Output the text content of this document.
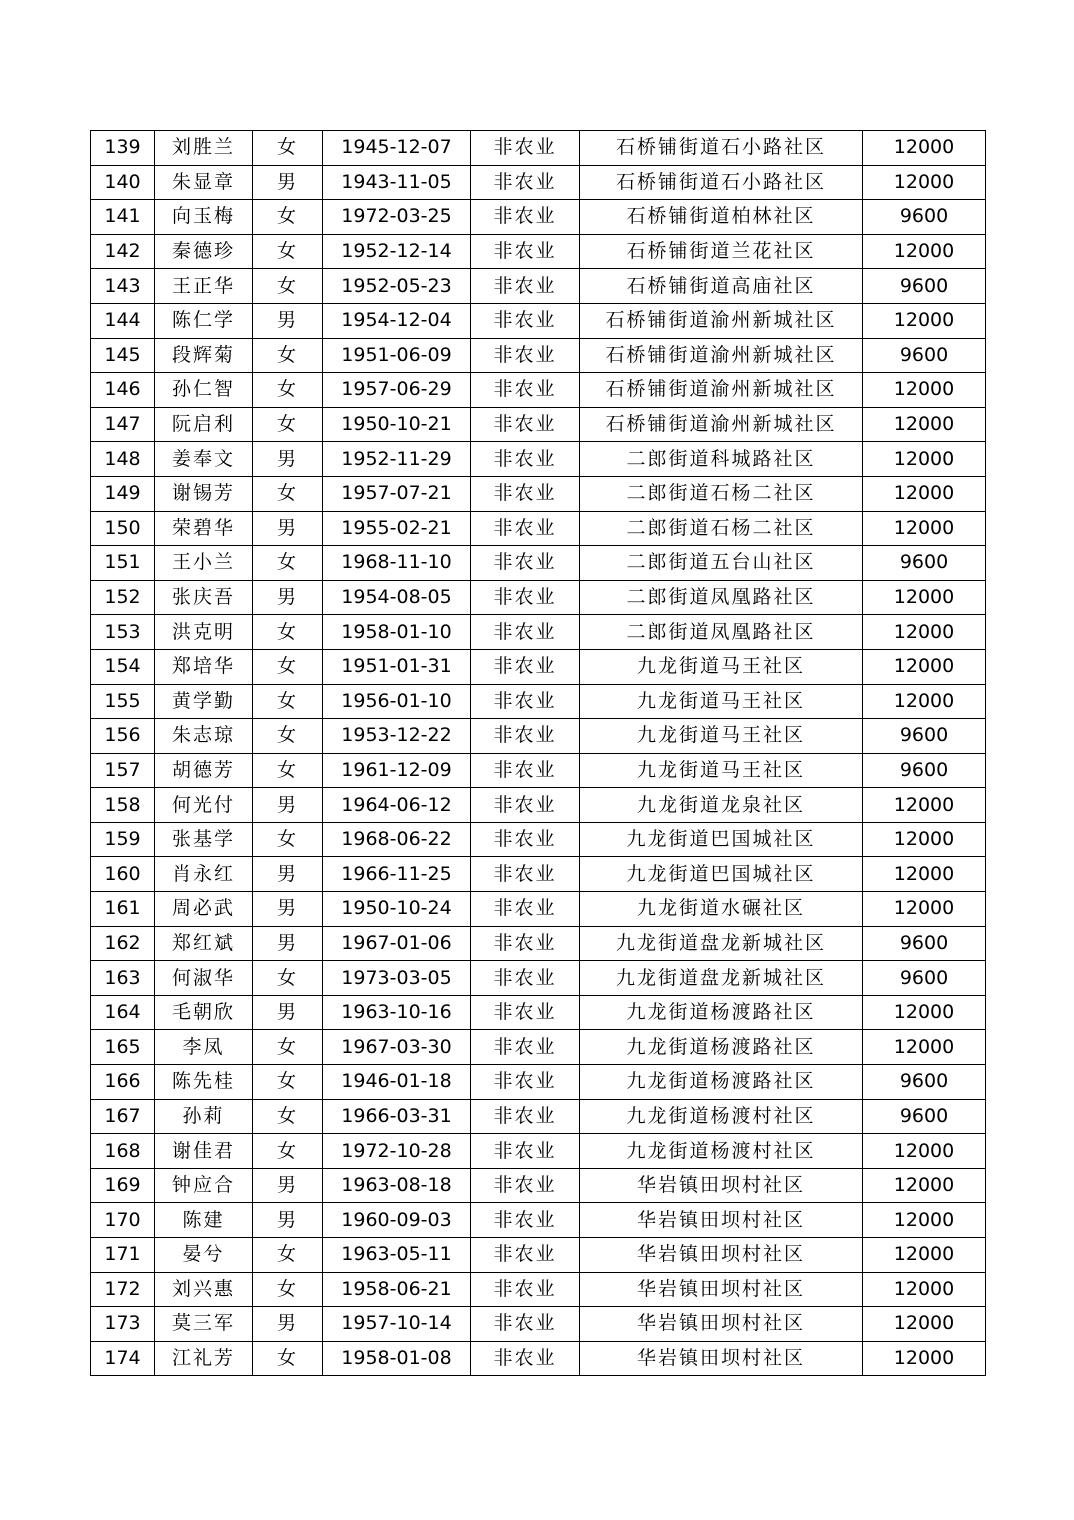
139	刘胜兰	女	1945-12-07	非农业	石桥铺街道石小路社区	12000
140	朱显章	男	1943-11-05	非农业	石桥铺街道石小路社区	12000
141	向玉梅	女	1972-03-25	非农业	石桥铺街道柏林社区	9600
142	秦德珍	女	1952-12-14	非农业	石桥铺街道兰花社区	12000
143	王正华	女	1952-05-23	非农业	石桥铺街道高庙社区	9600
144	陈仁学	男	1954-12-04	非农业	石桥铺街道渝州新城社区	12000
145	段辉菊	女	1951-06-09	非农业	石桥铺街道渝州新城社区	9600
146	孙仁智	女	1957-06-29	非农业	石桥铺街道渝州新城社区	12000
147	阮启利	女	1950-10-21	非农业	石桥铺街道渝州新城社区	12000
148	姜奉文	男	1952-11-29	非农业	二郎街道科城路社区	12000
149	谢锡芳	女	1957-07-21	非农业	二郎街道石杨二社区	12000
150	荣碧华	男	1955-02-21	非农业	二郎街道石杨二社区	12000
151	王小兰	女	1968-11-10	非农业	二郎街道五台山社区	9600
152	张庆吾	男	1954-08-05	非农业	二郎街道凤凰路社区	12000
153	洪克明	女	1958-01-10	非农业	二郎街道凤凰路社区	12000
154	郑培华	女	1951-01-31	非农业	九龙街道马王社区	12000
155	黄学勤	女	1956-01-10	非农业	九龙街道马王社区	12000
156	朱志琼	女	1953-12-22	非农业	九龙街道马王社区	9600
157	胡德芳	女	1961-12-09	非农业	九龙街道马王社区	9600
158	何光付	男	1964-06-12	非农业	九龙街道龙泉社区	12000
159	张基学	女	1968-06-22	非农业	九龙街道巴国城社区	12000
160	肖永红	男	1966-11-25	非农业	九龙街道巴国城社区	12000
161	周必武	男	1950-10-24	非农业	九龙街道水碾社区	12000
162	郑红斌	男	1967-01-06	非农业	九龙街道盘龙新城社区	9600
163	何淑华	女	1973-03-05	非农业	九龙街道盘龙新城社区	9600
164	毛朝欣	男	1963-10-16	非农业	九龙街道杨渡路社区	12000
165	李凤	女	1967-03-30	非农业	九龙街道杨渡路社区	12000
166	陈先桂	女	1946-01-18	非农业	九龙街道杨渡路社区	9600
167	孙莉	女	1966-03-31	非农业	九龙街道杨渡村社区	9600
168	谢佳君	女	1972-10-28	非农业	九龙街道杨渡村社区	12000
169	钟应合	男	1963-08-18	非农业	华岩镇田坝村社区	12000
170	陈建	男	1960-09-03	非农业	华岩镇田坝村社区	12000
171	晏兮	女	1963-05-11	非农业	华岩镇田坝村社区	12000
172	刘兴惠	女	1958-06-21	非农业	华岩镇田坝村社区	12000
173	莫三军	男	1957-10-14	非农业	华岩镇田坝村社区	12000
174	江礼芳	女	1958-01-08	非农业	华岩镇田坝村社区	12000
